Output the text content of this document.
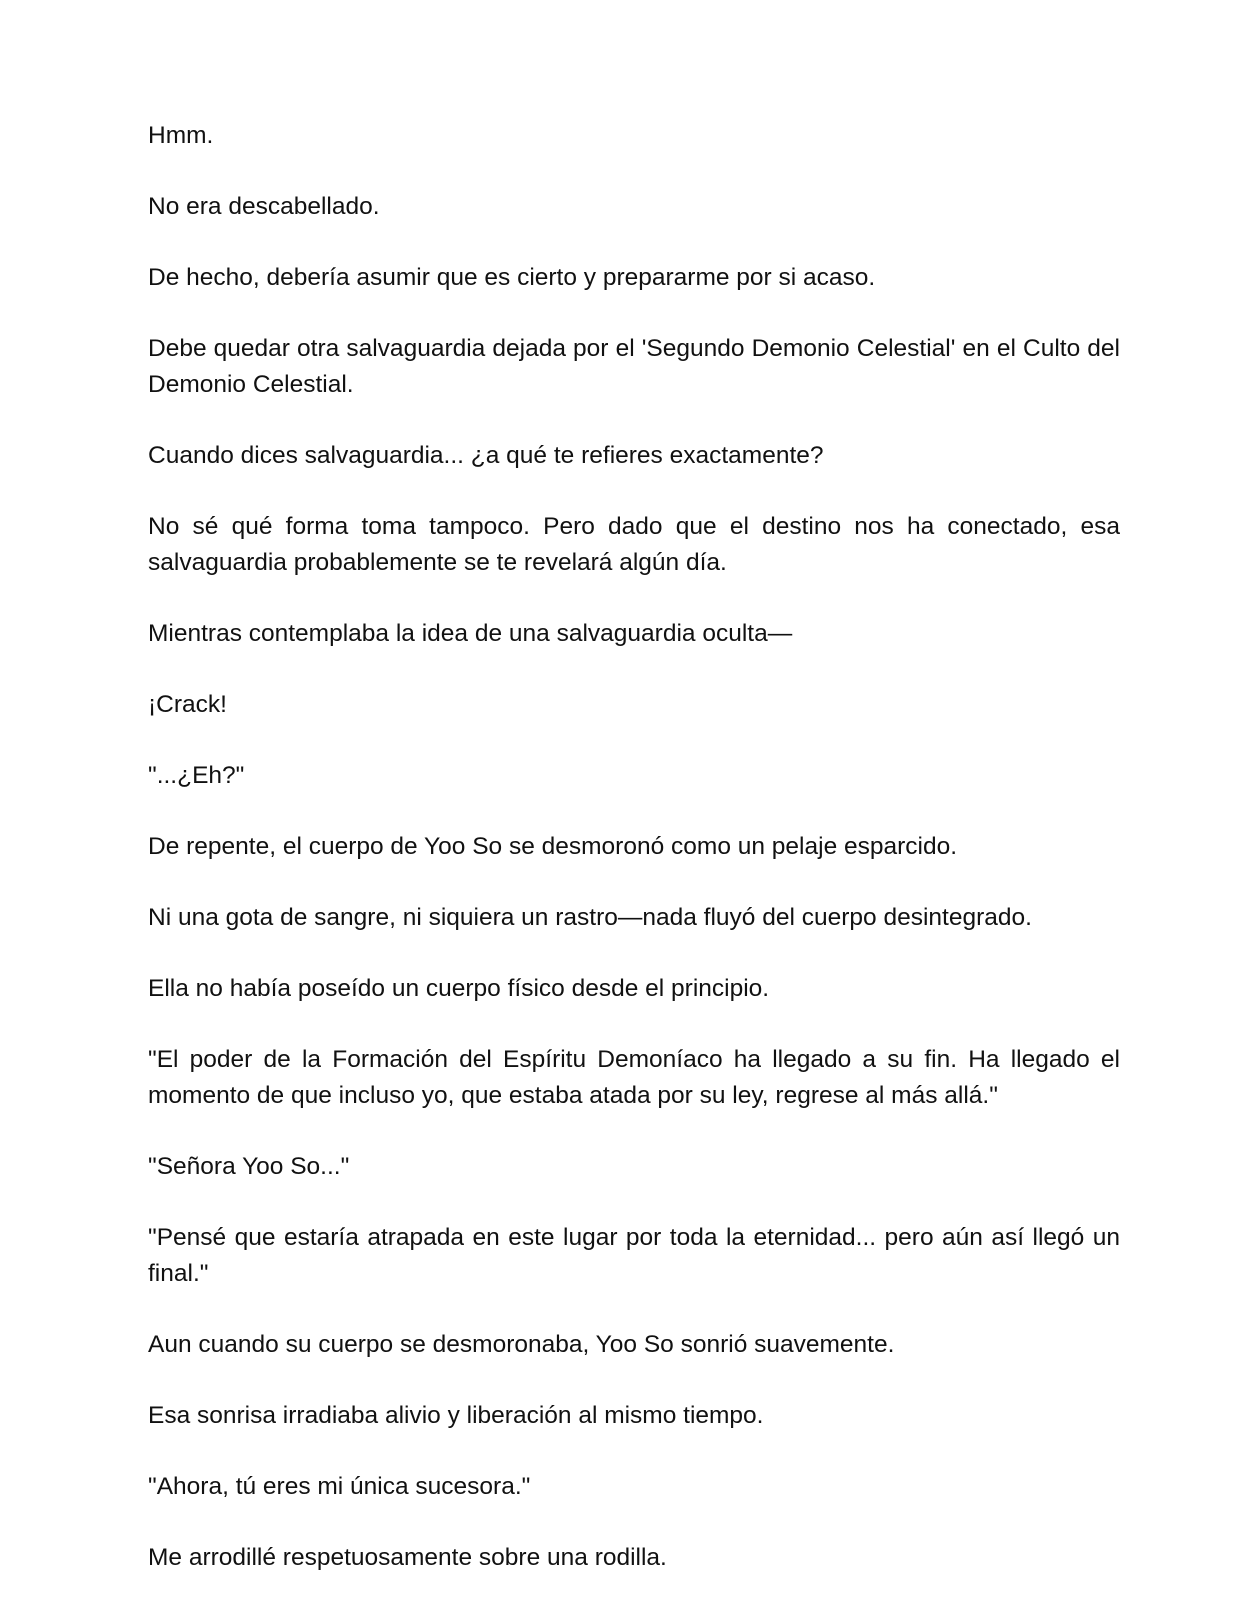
Hmm.

No era descabellado.

De hecho, debería asumir que es cierto y prepararme por si acaso.

Debe quedar otra salvaguardia dejada por el 'Segundo Demonio Celestial' en el Culto del Demonio Celestial.

Cuando dices salvaguardia... ¿a qué te refieres exactamente?

No sé qué forma toma tampoco. Pero dado que el destino nos ha conectado, esa salvaguardia probablemente se te revelará algún día.

Mientras contemplaba la idea de una salvaguardia oculta—

¡Crack!

"...¿Eh?"

De repente, el cuerpo de Yoo So se desmoronó como un pelaje esparcido.

Ni una gota de sangre, ni siquiera un rastro—nada fluyó del cuerpo desintegrado.

Ella no había poseído un cuerpo físico desde el principio.

"El poder de la Formación del Espíritu Demoníaco ha llegado a su fin. Ha llegado el momento de que incluso yo, que estaba atada por su ley, regrese al más allá."

"Señora Yoo So..."

"Pensé que estaría atrapada en este lugar por toda la eternidad... pero aún así llegó un final."

Aun cuando su cuerpo se desmoronaba, Yoo So sonrió suavemente.

Esa sonrisa irradiaba alivio y liberación al mismo tiempo.

"Ahora, tú eres mi única sucesora."

Me arrodillé respetuosamente sobre una rodilla.
